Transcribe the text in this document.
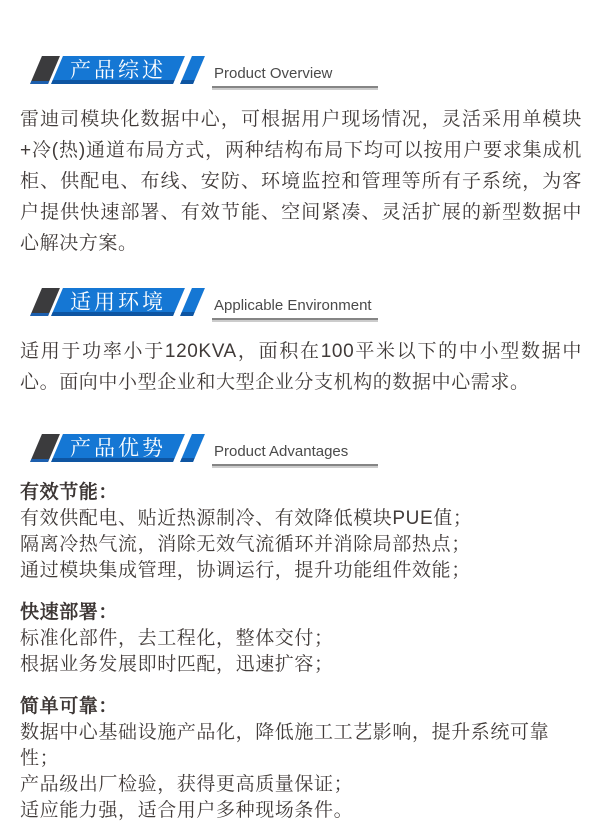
产品综述	Product Overview

雷迪司模块化数据中心，可根据用户现场情况，灵活采用单模块+冷(热)通道布局方式，两种结构布局下均可以按用户要求集成机柜、供配电、布线、安防、环境监控和管理等所有子系统，为客户提供快速部署、有效节能、空间紧凑、灵活扩展的新型数据中心解决方案。

适用环境	Applicable Environment

适用于功率小于120KVA，面积在100平米以下的中小型数据中心。面向中小型企业和大型企业分支机构的数据中心需求。

产品优势	Product Advantages
有效节能：
有效供配电、贴近热源制冷、有效降低模块PUE值；
隔离冷热气流，消除无效气流循环并消除局部热点；
通过模块集成管理，协调运行，提升功能组件效能；
快速部署：
标准化部件，去工程化，整体交付；
根据业务发展即时匹配，迅速扩容；
简单可靠：
数据中心基础设施产品化，降低施工工艺影响，提升系统可靠性；
产品级出厂检验，获得更高质量保证；
适应能力强，适合用户多种现场条件。
